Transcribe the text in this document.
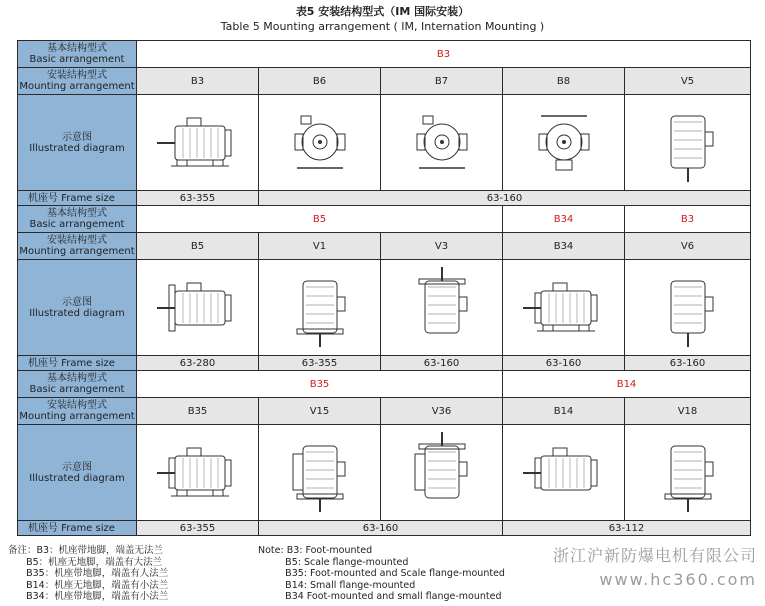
表5 安装结构型式（IM 国际安装）
Table 5 Mounting arrangement ( IM, Internation Mounting )
基本结构型式
Basic arrangement	B3				
安装结构型式
Mounting arrangement	B3	B6	B7	B8	V5
示意图
Illustrated diagram	

机座号 Frame size	63-355	63-160			
基本结构型式
Basic arrangement	B5			B34	B3
安装结构型式
Mounting arrangement	B5	V1	V3	B34	V6
示意图
Illustrated diagram	

机座号 Frame size	63-280	63-355	63-160	63-160	63-160
基本结构型式
Basic arrangement	B35			B14	
安装结构型式
Mounting arrangement	B35	V15	V36	B14	V18
示意图
Illustrated diagram	

机座号 Frame size	63-355	63-160		63-112	
备注：B3：机座带地脚，端盖无法兰
B5：机座无地脚，端盖有大法兰
B35：机座带地脚，端盖有人法兰
B14：机座无地脚，端盖有小法兰
B34：机座带地脚，端盖有小法兰
Note: B3: Foot-mounted
B5: Scale flange-mounted
B35: Foot-mounted and Scale flange-mounted
B14: Small flange-mounted
B34 Foot-mounted and small flange-mounted
浙江沪新防爆电机有限公司
www.hc360.com
